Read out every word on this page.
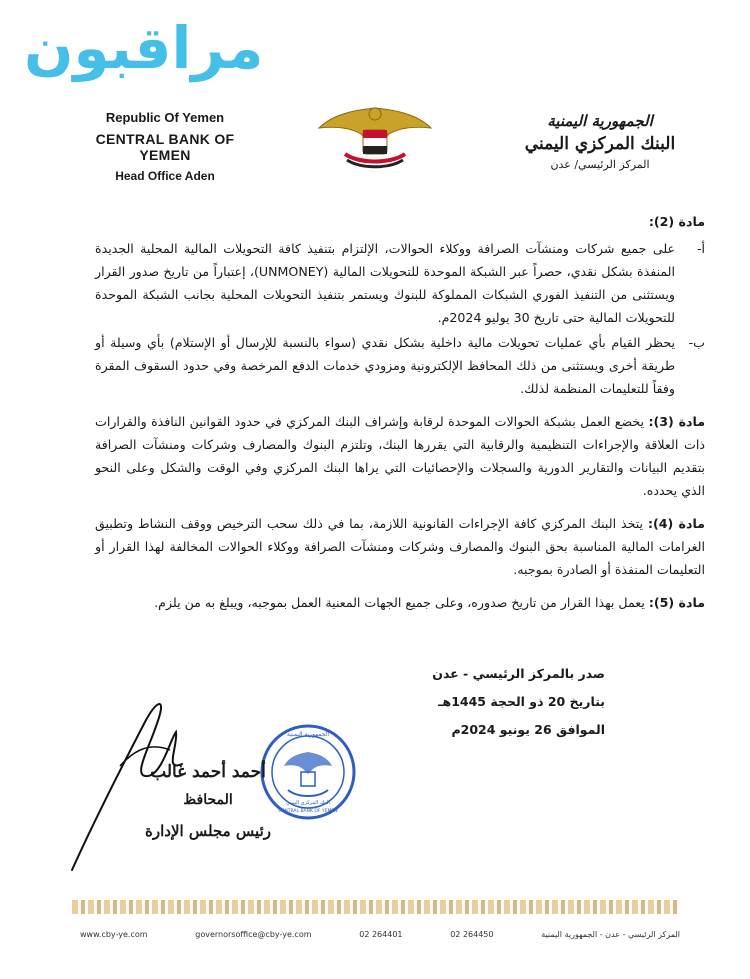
مراقبون
Republic Of Yemen
CENTRAL BANK OF YEMEN
Head Office Aden
الجمهورية اليمنية
البنك المركزي اليمني
المركز الرئيسي/ عدن

مادة (2):

أ-
على جميع شركات ومنشآت الصرافة ووكلاء الحوالات، الإلتزام بتنفيذ كافة التحويلات المالية المحلية الجديدة المنفذة بشكل نقدي، حصراً عبر الشبكة الموحدة للتحويلات المالية (UNMONEY)، إعتباراً من تاريخ صدور القرار ويستثنى من التنفيذ الفوري الشبكات المملوكة للبنوك ويستمر بتنفيذ التحويلات المحلية بجانب الشبكة الموحدة للتحويلات المالية حتى تاريخ 30 يوليو 2024م.
ب-
يحظر القيام بأي عمليات تحويلات مالية داخلية بشكل نقدي (سواء بالنسبة للإرسال أو الإستلام) بأي وسيلة أو طريقة أخرى ويستثنى من ذلك المحافظ الإلكترونية ومزودي خدمات الدفع المرخصة وفي حدود السقوف المقرة وفقاً للتعليمات المنظمة لذلك.

مادة (3): يخضع العمل بشبكة الحوالات الموحدة لرقابة وإشراف البنك المركزي في حدود القوانين النافذة والقرارات ذات العلاقة والإجراءات التنظيمية والرقابية التي يقررها البنك، وتلتزم البنوك والمصارف وشركات ومنشآت الصرافة بتقديم البيانات والتقارير الدورية والسجلات والإحصائيات التي يراها البنك المركزي وفي الوقت والشكل وعلى النحو الذي يحدده.

مادة (4): يتخذ البنك المركزي كافة الإجراءات القانونية اللازمة، بما في ذلك سحب الترخيص ووقف النشاط وتطبيق الغرامات المالية المناسبة بحق البنوك والمصارف وشركات ومنشآت الصرافة ووكلاء الحوالات المخالفة لهذا القرار أو التعليمات المنفذة أو الصادرة بموجبه.

مادة (5): يعمل بهذا القرار من تاريخ صدوره، وعلى جميع الجهات المعنية العمل بموجبه، ويبلغ به من يلزم.

صدر بالمركز الرئيسي - عدن
بتاريخ 20 ذو الحجة 1445هـ
الموافق 26 يونيو 2024م
الجمهورية اليمنية
البنك المركزي اليمني
CENTRAL BANK OF YEMEN
أحمد أحمد غالب
المحافظ
رئيس مجلس الإدارة
www.cby-ye.com	governorsoffice@cby-ye.com	02 264401	02 264450	المركز الرئيسي - عدن - الجمهورية اليمنية
